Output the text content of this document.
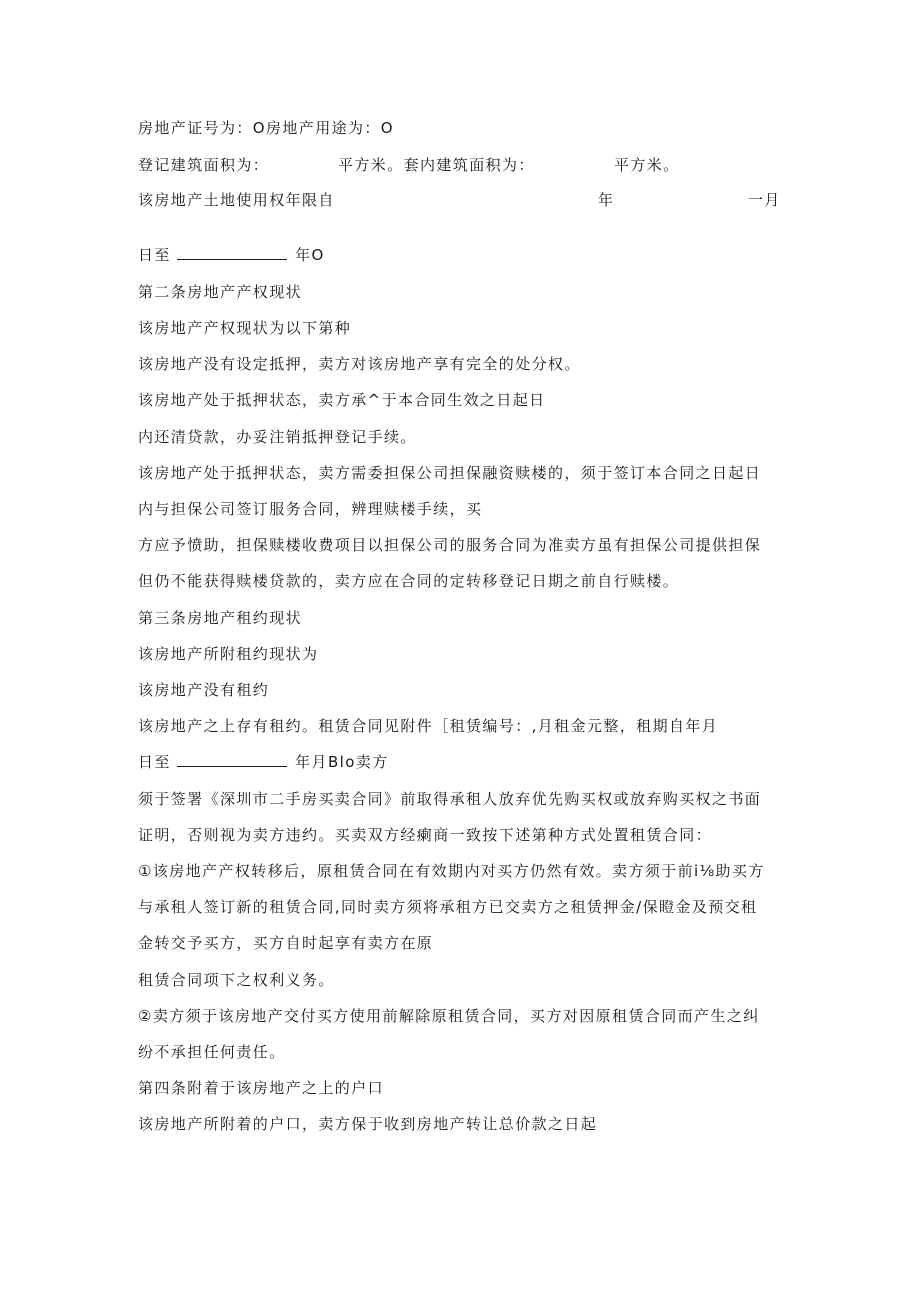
房地产证号为：O房地产用途为：O
登记建筑面积为：	平方米。套内建筑面积为：	平方米。
该房地产土地使用权年限自	年	一月
日至	年O
第二条房地产产权现状
该房地产产权现状为以下第种
该房地产没有设定抵押，卖方对该房地产享有完全的处分权。
该房地产处于抵押状态，卖方承^于本合同生效之日起日
内还清贷款，办妥注销抵押登记手续。
该房地产处于抵押状态，卖方需委担保公司担保融资赎楼的，须于签订本合同之日起日
内与担保公司签订服务合同，辨理赎楼手续，买
方应予愤助，担保赎楼收费项目以担保公司的服务合同为准卖方虽有担保公司提供担保
但仍不能获得赎楼贷款的，卖方应在合同的定转移登记日期之前自行赎楼。
第三条房地产租约现状
该房地产所附租约现状为
该房地产没有租约
该房地产之上存有租约。租赁合同见附件［租赁编号：,月租金元整，租期自年月
日至	年月Blo卖方
须于签署《深圳市二手房买卖合同》前取得承租人放弃优先购买权或放弃购买权之书面
证明，否则视为卖方违约。买卖双方经瘌商一致按下述第种方式处置租赁合同：
①该房地产产权转移后，原租赁合同在有效期内对买方仍然有效。卖方须于前i⅛助买方
与承租人签订新的租赁合同,同时卖方须将承租方已交卖方之租赁押金/保瞪金及预交租
金转交予买方，买方自时起享有卖方在原
租赁合同项下之权利义务。
②卖方须于该房地产交付买方使用前解除原租赁合同，买方对因原租赁合同而产生之纠
纷不承担任何责任。
第四条附着于该房地产之上的户口
该房地产所附着的户口，卖方保于收到房地产转让总价款之日起
